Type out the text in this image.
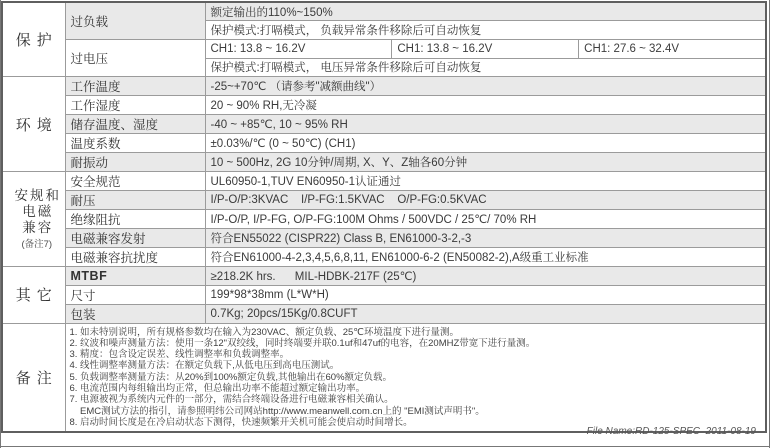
保护	过负载	额定输出的110%~150%
		保护模式:打嗝模式， 负载异常条件移除后可自动恢复
	过电压	CH1: 13.8 ~ 16.2V CH1: 13.8 ~ 16.2V CH1: 27.6 ~ 32.4V

		保护模式:打嗝模式， 电压异常条件移除后可自动恢复
环境	工作温度	-25~+70℃ （请参考"减额曲线"）
	工作湿度	20 ~ 90% RH,无冷凝
	储存温度、湿度	-40 ~ +85℃, 10 ~ 95% RH
	温度系数	±0.03%/℃ (0 ~ 50℃) (CH1)
	耐振动	10 ~ 500Hz, 2G 10分钟/周期, X、Y、Z轴各60分钟

安规和
电磁
兼容
(备注7)	安全规范	UL60950-1,TUV EN60950-1认证通过
	耐压	I/P-O/P:3KVAC    I/P-FG:1.5KVAC    O/P-FG:0.5KVAC
	绝缘阻抗	I/P-O/P, I/P-FG, O/P-FG:100M Ohms / 500VDC / 25℃/ 70% RH
	电磁兼容发射	符合EN55022 (CISPR22) Class B, EN61000-3-2,-3
	电磁兼容抗扰度	符合EN61000-4-2,3,4,5,6,8,11, EN61000-6-2 (EN50082-2),A级重工业标准
其它	MTBF	≥218.2K hrs.      MIL-HDBK-217F (25℃)
	尺寸	199*98*38mm (L*W*H)
	包装	0.7Kg; 20pcs/15Kg/0.8CUFT
备注	
1. 如未特别说明，所有规格参数均在输入为230VAC、额定负载、25℃环境温度下进行量测。
2. 纹波和噪声测量方法：使用一条12"双绞线，同时终端要并联0.1uf和47uf的电容，在20MHZ带宽下进行量测。
3. 精度：包含设定误差、线性调整率和负载调整率。
4. 线性调整率测量方法：在额定负载下,从低电压到高电压测试。
5. 负载调整率测量方法：从20%到100%额定负载,其他输出在60%额定负载。
6. 电流范围内每组输出均正常，但总输出功率不能超过额定输出功率。
7. 电源被视为系统内元件的一部分，需结合终端设备进行电磁兼容相关确认。
EMC测试方法的指引，请参照明纬公司网站http://www.meanwell.com.cn上的 "EMI测试声明书"。
8. 启动时间长度是在冷启动状态下测得，快速频繁开关机可能会使启动时间增长。
File Name:RD-125-SPEC  2011-08-19
